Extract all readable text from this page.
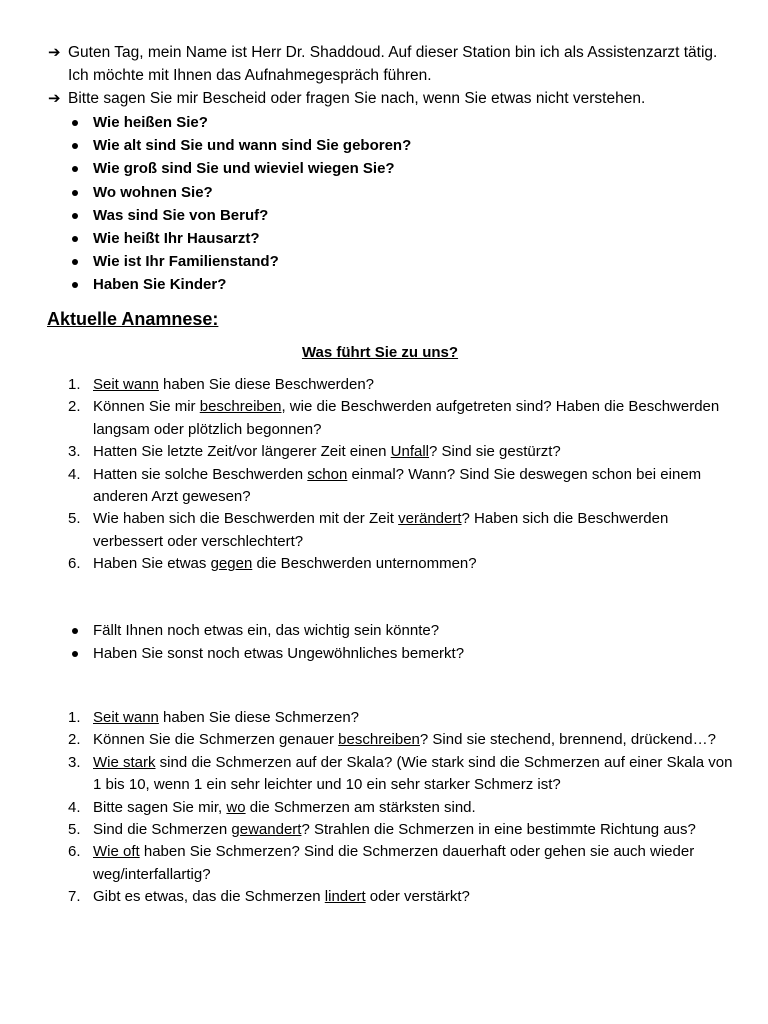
➔ Guten Tag, mein Name ist Herr Dr. Shaddoud. Auf dieser Station bin ich als Assistenzarzt tätig. Ich möchte mit Ihnen das Aufnahmegespräch führen.
➔ Bitte sagen Sie mir Bescheid oder fragen Sie nach, wenn Sie etwas nicht verstehen.
Wie heißen Sie?
Wie alt sind Sie und wann sind Sie geboren?
Wie groß sind Sie und wieviel wiegen Sie?
Wo wohnen Sie?
Was sind Sie von Beruf?
Wie heißt Ihr Hausarzt?
Wie ist Ihr Familienstand?
Haben Sie Kinder?
Aktuelle Anamnese:
Was führt Sie zu uns?
1. Seit wann haben Sie diese Beschwerden?
2. Können Sie mir beschreiben, wie die Beschwerden aufgetreten sind? Haben die Beschwerden langsam oder plötzlich begonnen?
3. Hatten Sie letzte Zeit/vor längerer Zeit einen Unfall? Sind sie gestürzt?
4. Hatten sie solche Beschwerden schon einmal? Wann? Sind Sie deswegen schon bei einem anderen Arzt gewesen?
5. Wie haben sich die Beschwerden mit der Zeit verändert? Haben sich die Beschwerden verbessert oder verschlechtert?
6. Haben Sie etwas gegen die Beschwerden unternommen?
Fällt Ihnen noch etwas ein, das wichtig sein könnte?
Haben Sie sonst noch etwas Ungewöhnliches bemerkt?
1. Seit wann haben Sie diese Schmerzen?
2. Können Sie die Schmerzen genauer beschreiben? Sind sie stechend, brennend, drückend…?
3. Wie stark sind die Schmerzen auf der Skala? (Wie stark sind die Schmerzen auf einer Skala von 1 bis 10, wenn 1 ein sehr leichter und 10 ein sehr starker Schmerz ist?
4. Bitte sagen Sie mir, wo die Schmerzen am stärksten sind.
5. Sind die Schmerzen gewandert? Strahlen die Schmerzen in eine bestimmte Richtung aus?
6. Wie oft haben Sie Schmerzen? Sind die Schmerzen dauerhaft oder gehen sie auch wieder weg/interfallartig?
7. Gibt es etwas, das die Schmerzen lindert oder verstärkt?
